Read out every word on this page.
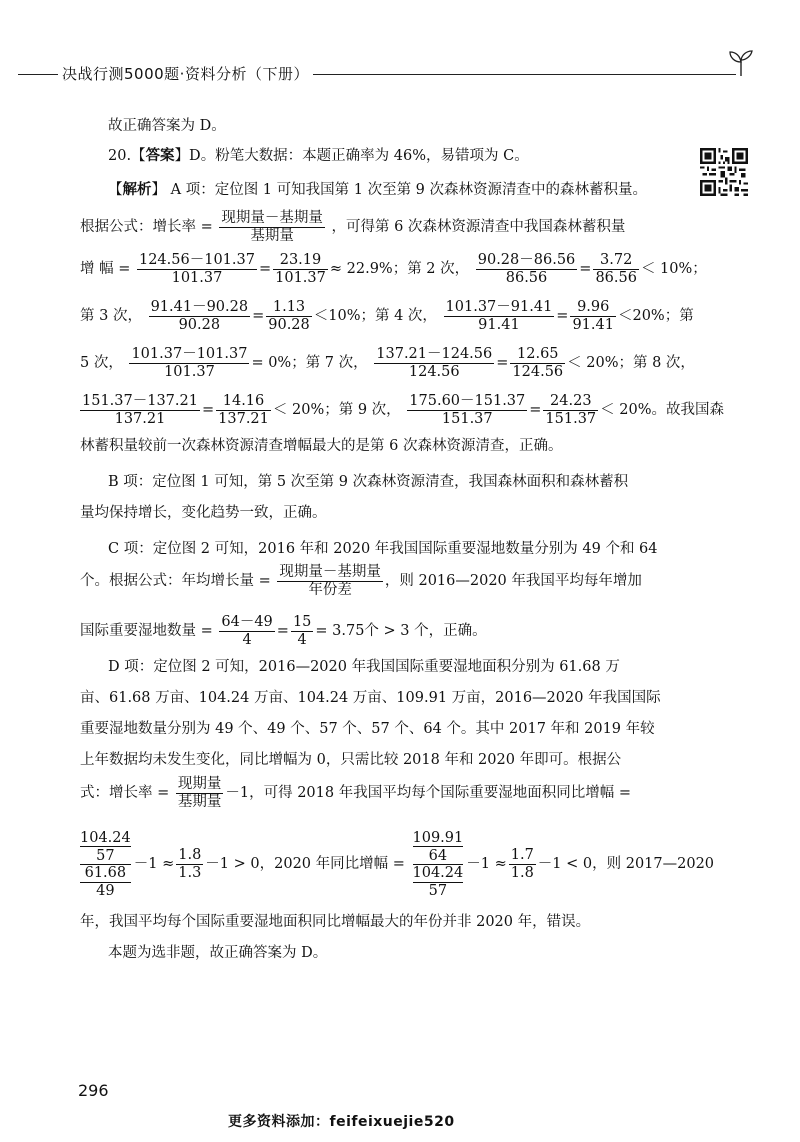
决战行测5000题·资料分析（下册）
故正确答案为 D。
20.【答案】D。粉笔大数据：本题正确率为 46%，易错项为 C。
【解析】 A 项：定位图 1 可知我国第 1 次至第 9 次森林资源清查中的森林蓄积量。
根据公式：增长率 =
现期量－基期量
基期量
，可得第 6 次森林资源清查中我国森林蓄积量
增 幅 = $\frac{124.56-101.37}{101.37} = \frac{23.19}{101.37} \approx 22.9\%$；第 2 次， $\frac{90.28-86.56}{86.56} = \frac{3.72}{86.56} < 10\%$；
第 3 次， $\frac{91.41-90.28}{90.28} = \frac{1.13}{90.28} <10\%$；第 4 次， $\frac{101.37-91.41}{91.41} = \frac{9.96}{91.41} <20\%$；第
5 次， $\frac{101.37-101.37}{101.37} = 0\%$；第 7 次， $\frac{137.21-124.56}{124.56} = \frac{12.65}{124.56} < 20\%$；第 8 次，
$\frac{151.37-137.21}{137.21} = \frac{14.16}{137.21} < 20\%$；第 9 次， $\frac{175.60-151.37}{151.37} = \frac{24.23}{151.37} < 20\%$。故我国森
林蓄积量较前一次森林资源清查增幅最大的是第 6 次森林资源清查，正确。
B 项：定位图 1 可知，第 5 次至第 9 次森林资源清查，我国森林面积和森林蓄积
量均保持增长，变化趋势一致，正确。
C 项：定位图 2 可知，2016 年和 2020 年我国国际重要湿地数量分别为 49 个和 64
个。根据公式：年均增长量 =
现期量－基期量
年份差
，则 2016—2020 年我国平均每年增加
国际重要湿地数量 = $\frac{64-49}{4} = \frac{15}{4} = 3.75$个 > 3 个，正确。
D 项：定位图 2 可知，2016—2020 年我国国际重要湿地面积分别为 61.68 万
亩、61.68 万亩、104.24 万亩、104.24 万亩、109.91 万亩，2016—2020 年我国国际
重要湿地数量分别为 49 个、49 个、57 个、57 个、64 个。其中 2017 年和 2019 年较
上年数据均未发生变化，同比增幅为 0，只需比较 2018 年和 2020 年即可。根据公
式：增长率 =
现期量
基期量
－1，可得 2018 年我国平均每个国际重要湿地面积同比增幅 =
104.24
57
61.68
49
$-1 \approx \frac{1.8}{1.3} -1 > 0$，2020 年同比增幅 =
109.91
64
104.24
57
$-1 \approx \frac{1.7}{1.8} -1 < 0$，则 2017—2020
年，我国平均每个国际重要湿地面积同比增幅最大的年份并非 2020 年，错误。
本题为选非题，故正确答案为 D。
296
更多资料添加：feifeixuejie520
